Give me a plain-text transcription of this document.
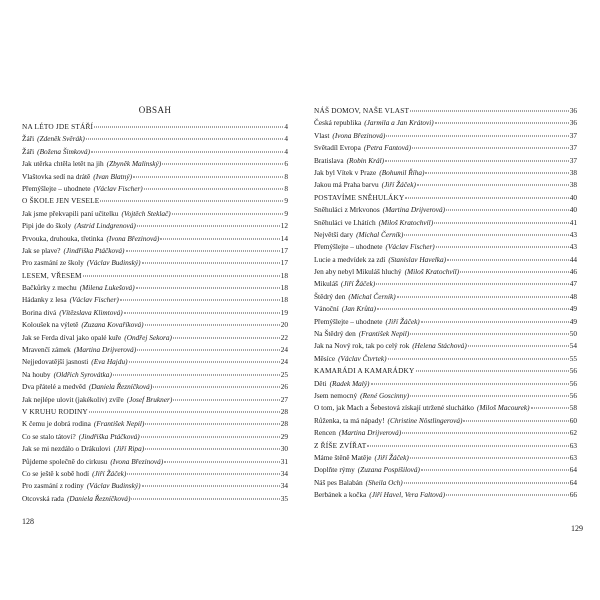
OBSAH
NA LÉTO JDE STÁŘÍ	4
Žáři (Zdeněk Svěrák)	4
Žáři (Božena Šimková)	4
Jak utěrka chtěla letět na jih (Zbyněk Malinský)	6
Vlaštovka sedí na drátě (Ivan Blatný)	8
Přemýšlejte – uhodnete (Václav Fischer)	8
O ŠKOLE JEN VESELE	9
Jak jsme překvapili paní učitelku (Vojtěch Steklač)	9
Pipi jde do školy (Astrid Lindgrenová)	12
Prvouka, druhouka, třetinka (Ivona Březinová)	14
Jak se plave? (Jindřiška Ptáčková)	17
Pro zasmání ze školy (Václav Budinský)	17
LESEM, VŘESEM	18
Bačkůrky z mechu (Milena Lukešová)	18
Hádanky z lesa (Václav Fischer)	18
Borina divá (Vítězslava Klimtová)	19
Koloušek na výletě (Zuzana Kovaříková)	20
Jak se Ferda díval jako opalé kuře (Ondřej Sekora)	22
Mravenčí zámek (Martina Drijverová)	24
Nejjedovatější jasnosti (Eva Hajdu)	24
Na houby (Oldřich Syrovátka)	25
Dva přátelé a medvěd (Daniela Řezníčková)	26
Jak nejlépe ulovit (jakékoliv) zvíře (Josef Brukner)	27
V KRUHU RODINY	28
K čemu je dobrá rodina (František Nepil)	28
Co se stalo tátovi? (Jindřiška Ptáčková)	29
Jak se mi nezdálo o Drákulovi (Jiří Ripa)	30
Půjdeme společně do cirkusu (Ivona Březinová)	31
Co se ještě k sobě hodí (Jiří Žáček)	34
Pro zasmání z rodiny (Václav Budinský)	34
Otcovská rada (Daniela Řezníčková)	35
128
NÁŠ DOMOV, NAŠE VLAST	36
Česká republika (Jarmila a Jan Krátovi)	36
Vlast (Ivona Březinová)	37
Světadíl Evropa (Petra Fantová)	37
Bratislava (Robin Král)	37
Jak byl Vítek v Praze (Bohumil Říha)	38
Jakou má Praha barvu (Jiří Žáček)	38
POSTAVÍME SNĚHULÁKY	40
Sněhuláci z Mrkvonos (Martina Drijverová)	40
Sněhuláci ve Lhátích (Miloš Kratochvíl)	41
Největší dary (Michal Černík)	43
Přemýšlejte – uhodnete (Václav Fischer)	43
Lucie a medvídek za zdí (Stanislav Havelka)	44
Jen aby nebyl Mikuláš hluchý (Miloš Kratochvíl)	46
Mikuláš (Jiří Žáček)	47
Štědrý den (Michal Černík)	48
Vánoční (Jan Krůta)	49
Přemýšlejte – uhodnete (Jiří Žáček)	49
Na Štědrý den (František Nepil)	50
Jak na Nový rok, tak po celý rok (Helena Stáchová)	54
Měsíce (Václav Čtvrtek)	55
KAMARÁDI A KAMARÁDKY	56
Děti (Radek Malý)	56
Jsem nemocný (René Goscinny)	56
O tom, jak Mach a Šebestová získají utržené sluchátko (Miloš Macourek)	58
Růženka, ta má nápady! (Christine Nöstlingerová)	60
Rencen (Martina Drijverová)	62
Z ŘÍŠE ZVÍŘAT	63
Máme štěně Matěje (Jiří Žáček)	63
Doplňte rýmy (Zuzana Pospíšilová)	64
Náš pes Balabán (Sheila Och)	64
Berbánek a kočka (Jiří Havel, Vera Faltová)	66
129
